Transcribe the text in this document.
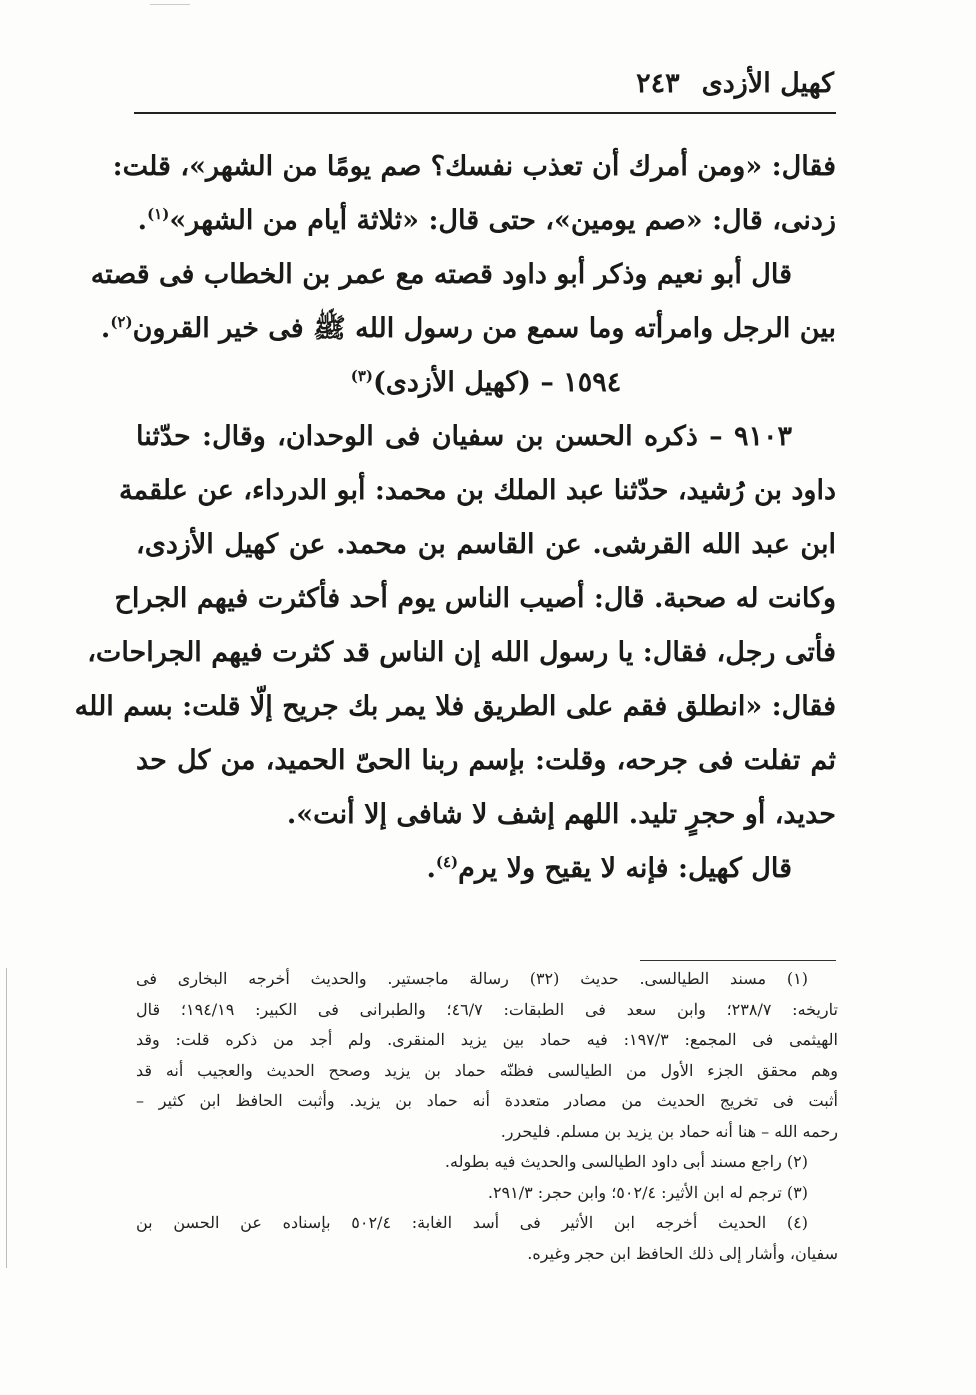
كهيل الأزدى
٢٤٣
فقال: «ومن أمرك أن تعذب نفسك؟ صم يومًا من الشهر»، قلت:
زدنى، قال: «صم يومين»، حتى قال: «ثلاثة أيام من الشهر»$^{(١)}$.
قال أبو نعيم وذكر أبو داود قصته مع عمر بن الخطاب فى قصته
بين الرجل وامرأته وما سمع من رسول الله ﷺ فى خير القرون$^{(٢)}$.
١٥٩٤ – (كهيل الأزدى)$^{(٣)}$
٩١٠٣ – ذكره الحسن بن سفيان فى الوحدان، وقال: حدّثنا
داود بن رُشيد، حدّثنا عبد الملك بن محمد: أبو الدرداء، عن علقمة
ابن عبد الله القرشى. عن القاسم بن محمد. عن كهيل الأزدى،
وكانت له صحبة. قال: أصيب الناس يوم أحد فأكثرت فيهم الجراح
فأتى رجل، فقال: يا رسول الله إن الناس قد كثرت فيهم الجراحات،
فقال: «انطلق فقم على الطريق فلا يمر بك جريح إلّا قلت: بسم الله
ثم تفلت فى جرحه، وقلت: بإسم ربنا الحىّ الحميد، من كل حد
حديد، أو حجرٍ تليد. اللهم إشف لا شافى إلا أنت».
قال كهيل: فإنه لا يقيح ولا يرم$^{(٤)}$.
(١) مسند الطيالسى. حديث (٣٢) رسالة ماجستير. والحديث أخرجه البخارى فى
تاريخه: ٢٣٨/٧؛ وابن سعد فى الطبقات: ٤٦/٧؛ والطبرانى فى الكبير: ١٩٤/١٩؛ قال
الهيثمى فى المجمع: ١٩٧/٣: فيه حماد بين يزيد المنقرى. ولم أجد من ذكره قلت: وقد
وهم محقق الجزء الأول من الطيالسى فظنّه حماد بن يزيد وصحح الحديث والعجيب أنه قد
أثبت فى تخريج الحديث من مصادر متعددة أنه حماد بن يزيد. وأثبت الحافظ ابن كثير –
رحمه الله – هنا أنه حماد بن يزيد بن مسلم. فليحرر.
(٢) راجع مسند أبى داود الطيالسى والحديث فيه بطوله.
(٣) ترجم له ابن الأثير: ٥٠٢/٤؛ وابن حجر: ٢٩١/٣.
(٤) الحديث أخرجه ابن الأثير فى أسد الغابة: ٥٠٢/٤ بإسناده عن الحسن بن
سفيان، وأشار إلى ذلك الحافظ ابن حجر وغيره.
